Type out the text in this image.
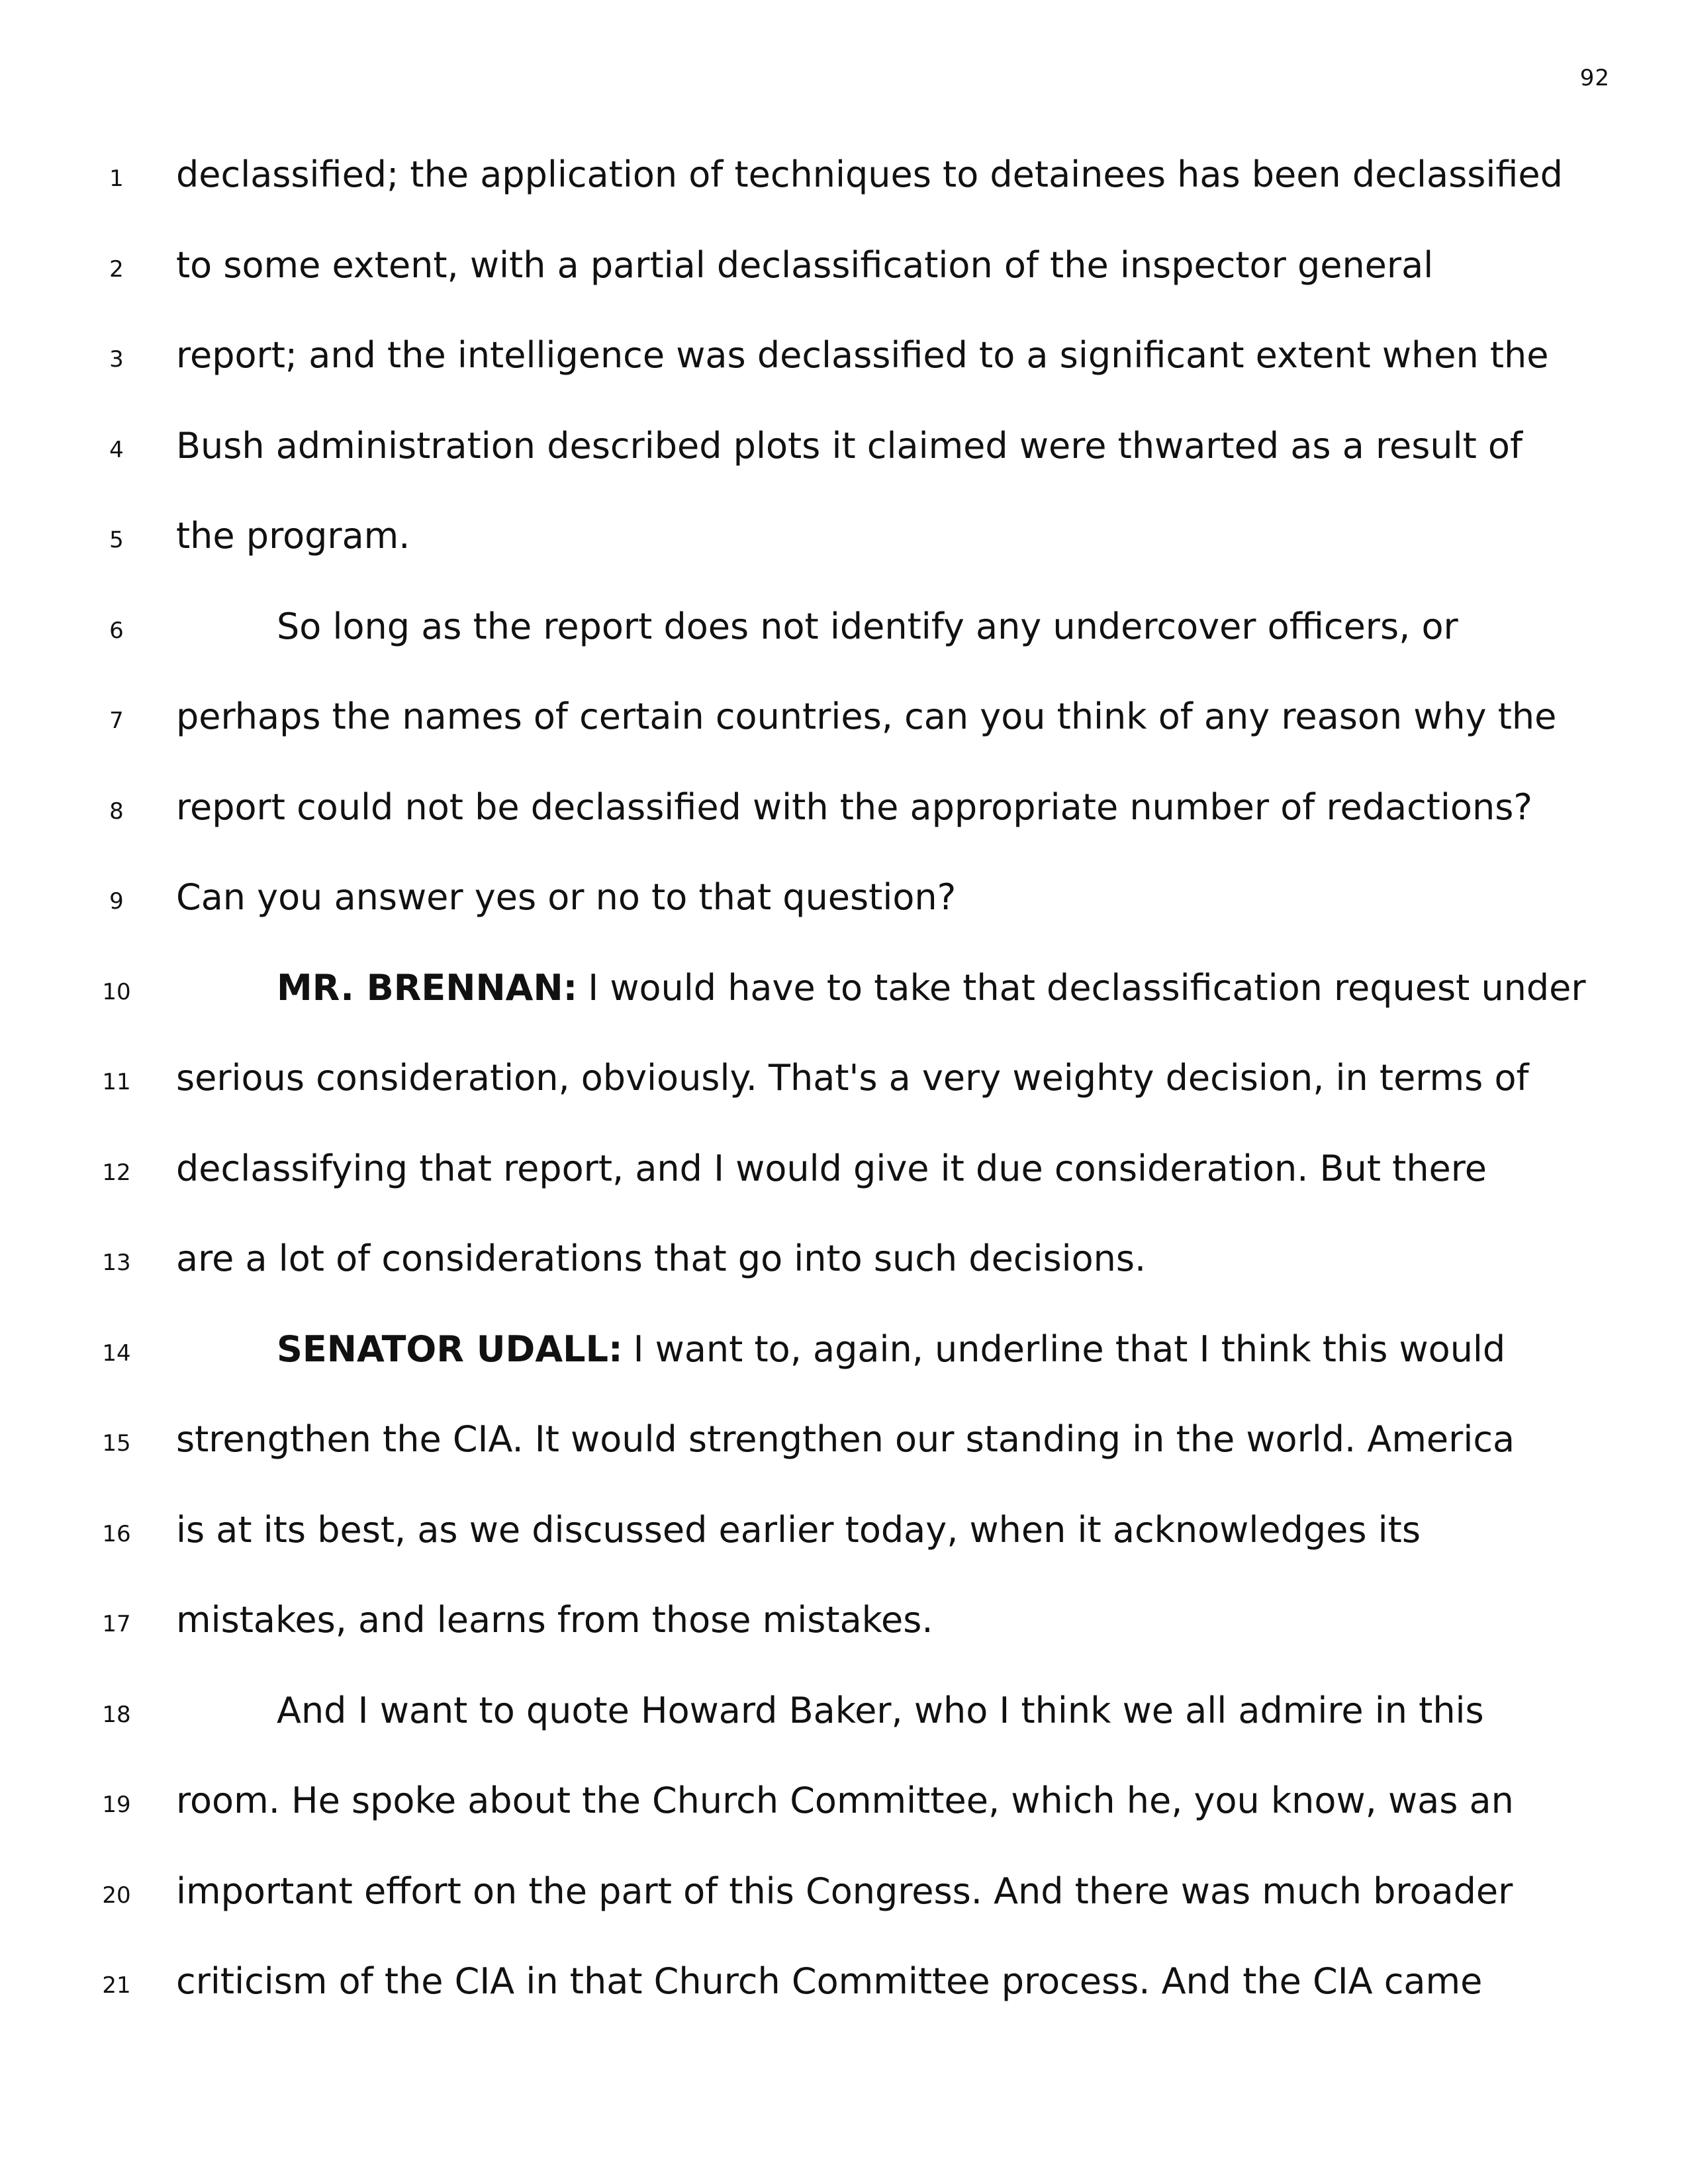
92
1	declassified; the application of techniques to detainees has been declassified
2	to some extent, with a partial declassification of the inspector general
3	report; and the intelligence was declassified to a significant extent when the
4	Bush administration described plots it claimed were thwarted as a result of
5	the program.
6	So long as the report does not identify any undercover officers, or
7	perhaps the names of certain countries, can you think of any reason why the
8	report could not be declassified with the appropriate number of redactions?
9	Can you answer yes or no to that question?
10	MR. BRENNAN: I would have to take that declassification request under
11 serious consideration, obviously. That's a very weighty decision, in terms of
12 declassifying that report, and I would give it due consideration. But there
13 are a lot of considerations that go into such decisions.
14	SENATOR UDALL: I want to, again, underline that I think this would
15 strengthen the CIA. It would strengthen our standing in the world. America
16 is at its best, as we discussed earlier today, when it acknowledges its
17 mistakes, and learns from those mistakes.
18	And I want to quote Howard Baker, who I think we all admire in this
19 room. He spoke about the Church Committee, which he, you know, was an
20 important effort on the part of this Congress. And there was much broader
21 criticism of the CIA in that Church Committee process. And the CIA came
